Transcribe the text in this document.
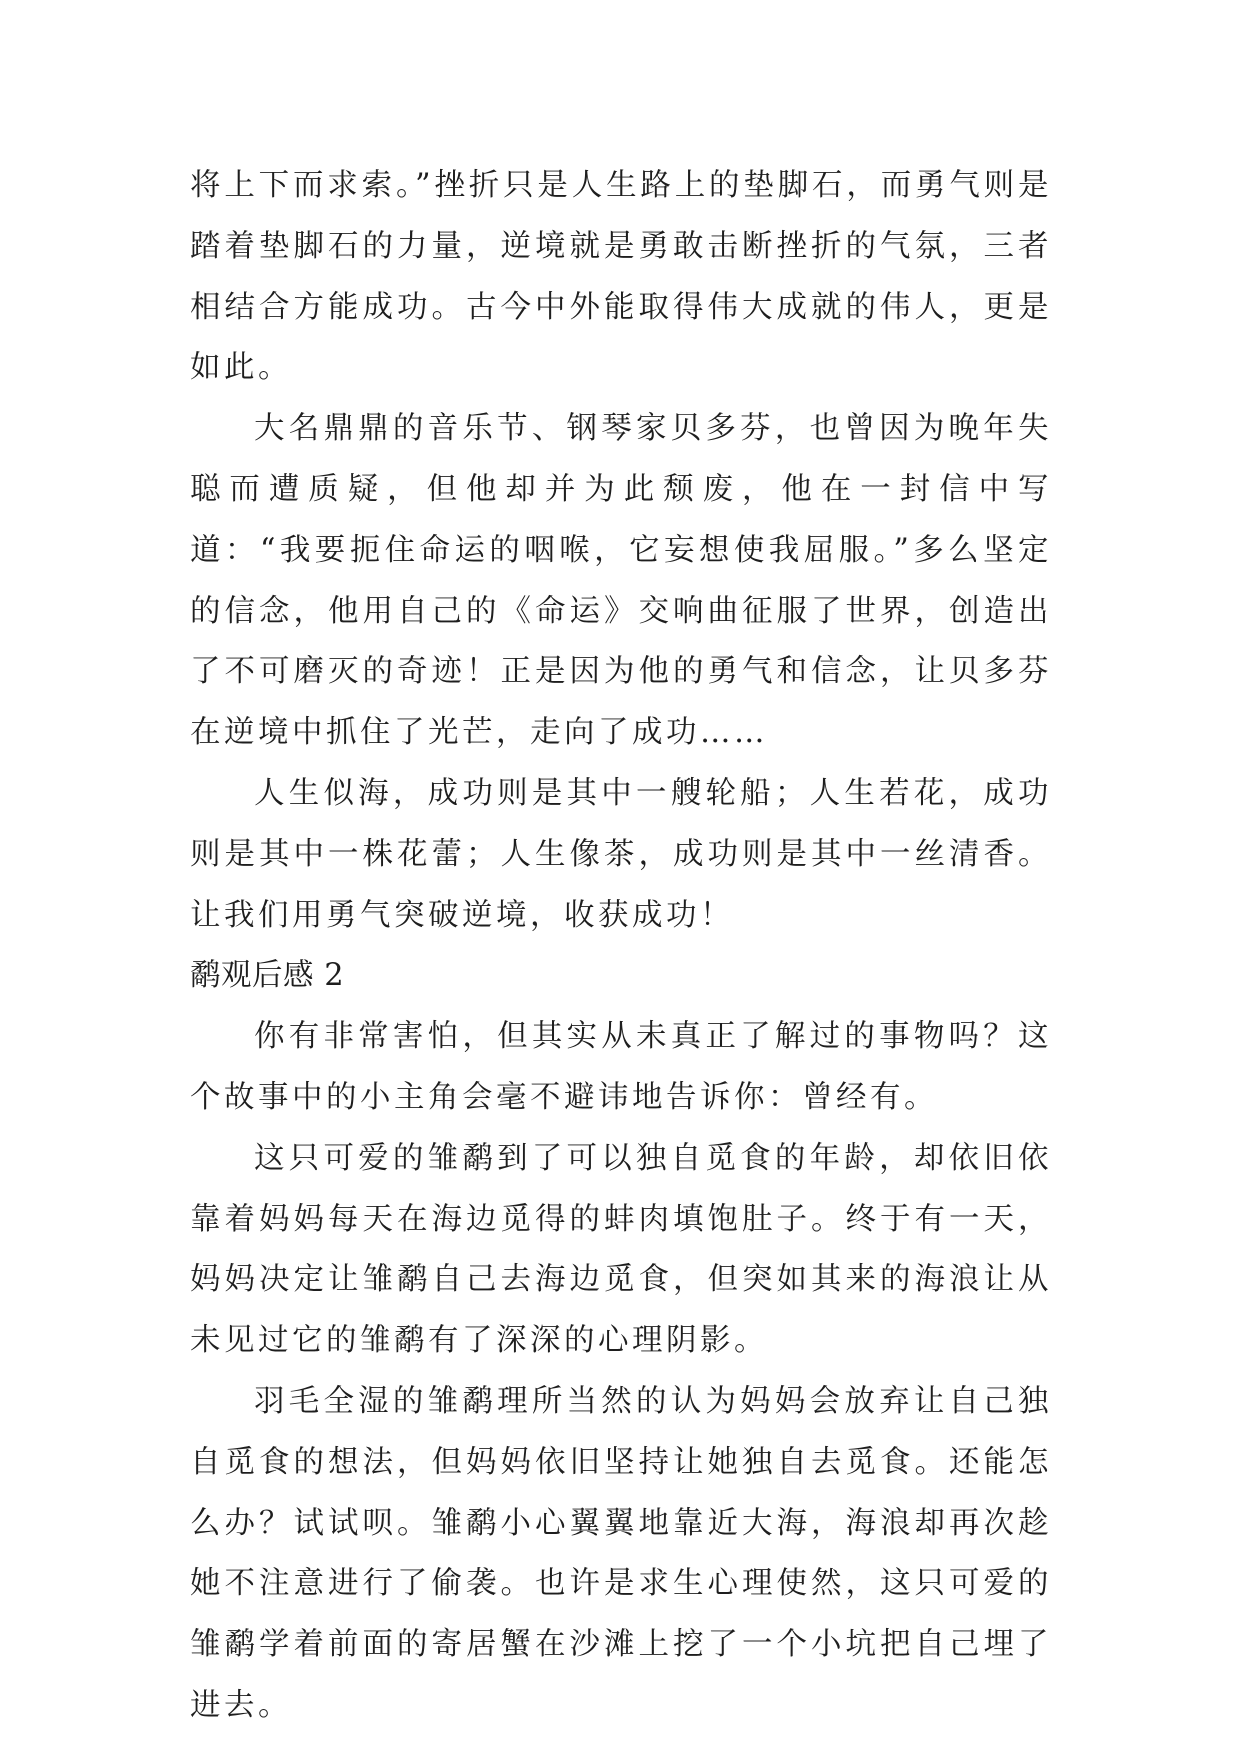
将上下而求索。”挫折只是人生路上的垫脚石，而勇气则是踏着垫脚石的力量，逆境就是勇敢击断挫折的气氛，三者相结合方能成功。古今中外能取得伟大成就的伟人，更是如此。

大名鼎鼎的音乐节、钢琴家贝多芬，也曾因为晚年失聪而遭质疑，但他却并为此颓废，他在一封信中写道：“我要扼住命运的咽喉，它妄想使我屈服。”多么坚定的信念，他用自己的《命运》交响曲征服了世界，创造出了不可磨灭的奇迹！正是因为他的勇气和信念，让贝多芬在逆境中抓住了光芒，走向了成功……

人生似海，成功则是其中一艘轮船；人生若花，成功则是其中一株花蕾；人生像茶，成功则是其中一丝清香。让我们用勇气突破逆境，收获成功！

鹬观后感 2

你有非常害怕，但其实从未真正了解过的事物吗？这个故事中的小主角会毫不避讳地告诉你：曾经有。

这只可爱的雏鹬到了可以独自觅食的年龄，却依旧依靠着妈妈每天在海边觅得的蚌肉填饱肚子。终于有一天，妈妈决定让雏鹬自己去海边觅食，但突如其来的海浪让从未见过它的雏鹬有了深深的心理阴影。

羽毛全湿的雏鹬理所当然的认为妈妈会放弃让自己独自觅食的想法，但妈妈依旧坚持让她独自去觅食。还能怎么办？试试呗。雏鹬小心翼翼地靠近大海，海浪却再次趁她不注意进行了偷袭。也许是求生心理使然，这只可爱的雏鹬学着前面的寄居蟹在沙滩上挖了一个小坑把自己埋了进去。
